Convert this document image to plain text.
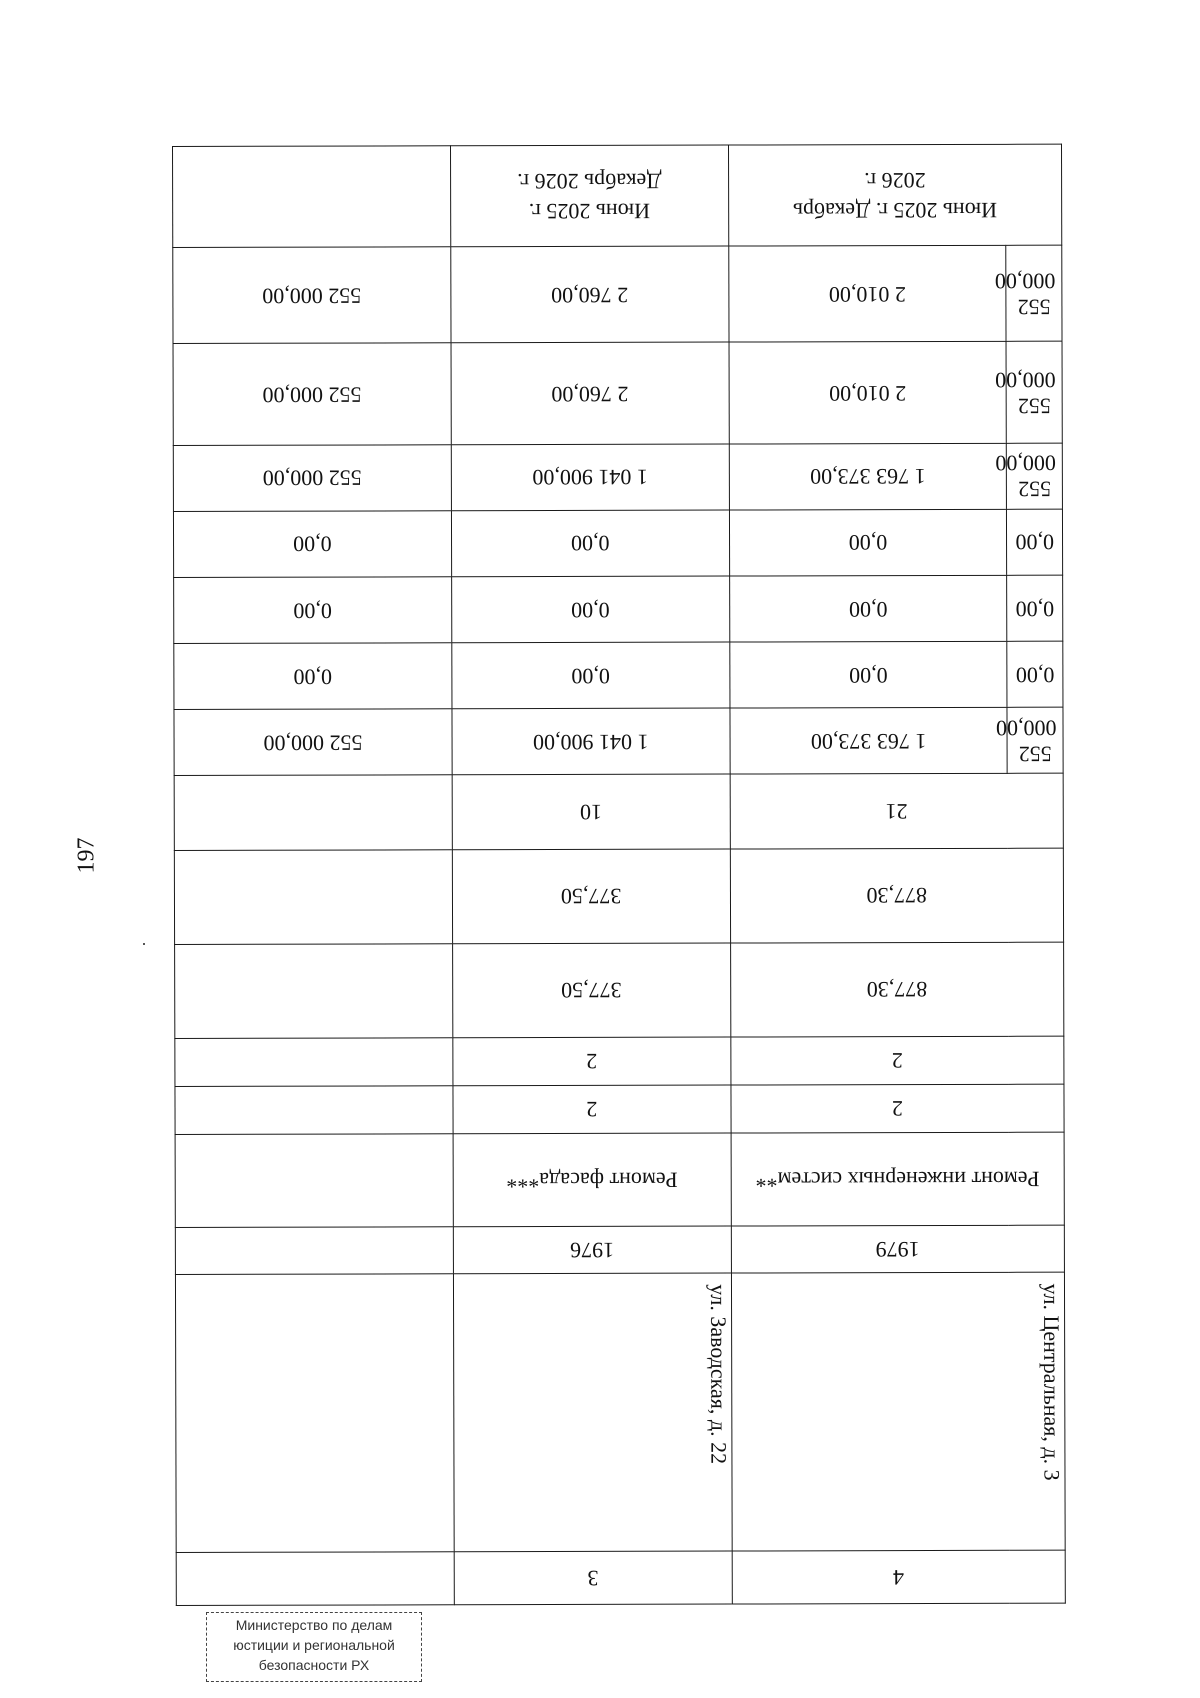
197
4		3	

ул. Центральная, д. 3		ул. Заводская, д. 22	

1979		1976	
Ремонт инженерных систем**		Ремонт фасада***	
2		2	
2		2	
877,30		377,50	
877,30		377,50	
21		10	
552 000,00	1 763 373,00	1 041 900,00	552 000,00
0,00	0,00	0,00	0,00
0,00	0,00	0,00	0,00
0,00	0,00	0,00	0,00
552 000,00	1 763 373,00	1 041 900,00	552 000,00
552 000,00	2 010,00	2 760,00	552 000,00
552 000,00	2 010,00	2 760,00	552 000,00
Июнь 2025 г. Декабрь 2026 г.		Июнь 2025 г. Декабрь 2026 г.	
Министерство по делам
юстиции и региональной
безопасности РХ
